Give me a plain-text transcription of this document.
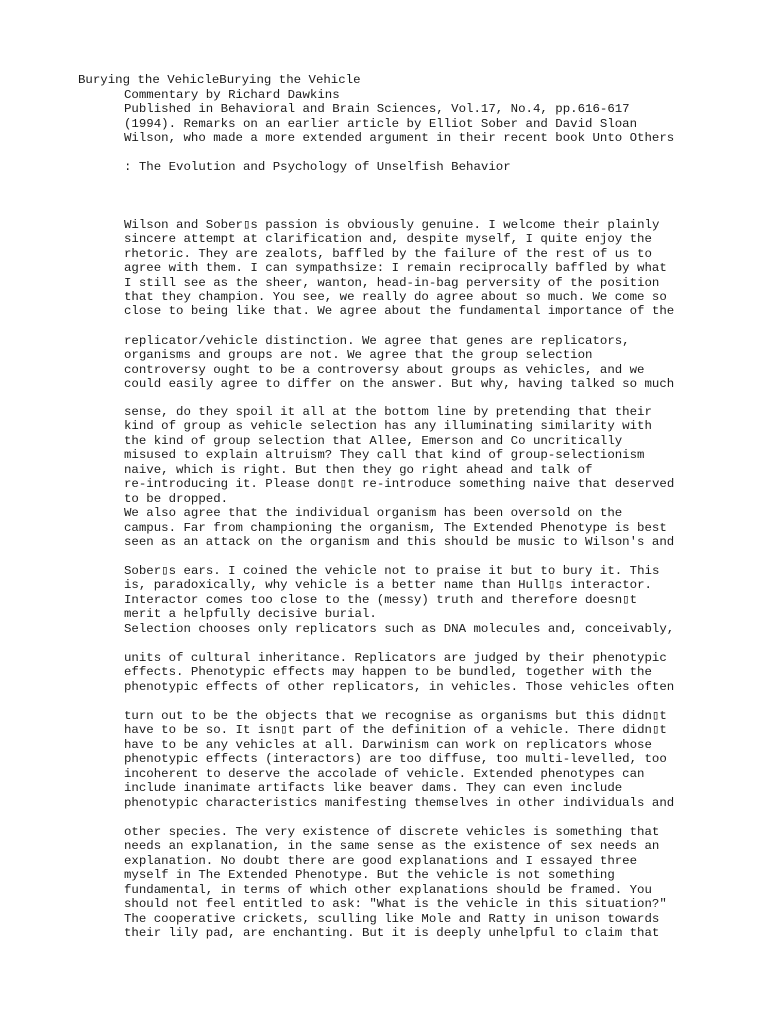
Burying the VehicleBurying the Vehicle
Commentary by Richard Dawkins
Published in Behavioral and Brain Sciences, Vol.17, No.4, pp.616-617
(1994). Remarks on an earlier article by Elliot Sober and David Sloan
Wilson, who made a more extended argument in their recent book Unto Others
: The Evolution and Psychology of Unselfish Behavior
Wilson and Sober▯s passion is obviously genuine. I welcome their plainly
sincere attempt at clarification and, despite myself, I quite enjoy the
rhetoric. They are zealots, baffled by the failure of the rest of us to
agree with them. I can sympathsize: I remain reciprocally baffled by what
I still see as the sheer, wanton, head-in-bag perversity of the position
that they champion. You see, we really do agree about so much. We come so
close to being like that. We agree about the fundamental importance of the
replicator/vehicle distinction. We agree that genes are replicators,
organisms and groups are not. We agree that the group selection
controversy ought to be a controversy about groups as vehicles, and we
could easily agree to differ on the answer. But why, having talked so much
sense, do they spoil it all at the bottom line by pretending that their
kind of group as vehicle selection has any illuminating similarity with
the kind of group selection that Allee, Emerson and Co uncritically
misused to explain altruism? They call that kind of group-selectionism
naive, which is right. But then they go right ahead and talk of
re-introducing it. Please don▯t re-introduce something naive that deserved
to be dropped.
We also agree that the individual organism has been oversold on the
campus. Far from championing the organism, The Extended Phenotype is best
seen as an attack on the organism and this should be music to Wilson's and
Sober▯s ears. I coined the vehicle not to praise it but to bury it. This
is, paradoxically, why vehicle is a better name than Hull▯s interactor.
Interactor comes too close to the (messy) truth and therefore doesn▯t
merit a helpfully decisive burial.
Selection chooses only replicators such as DNA molecules and, conceivably,
units of cultural inheritance. Replicators are judged by their phenotypic
effects. Phenotypic effects may happen to be bundled, together with the
phenotypic effects of other replicators, in vehicles. Those vehicles often
turn out to be the objects that we recognise as organisms but this didn▯t
have to be so. It isn▯t part of the definition of a vehicle. There didn▯t
have to be any vehicles at all. Darwinism can work on replicators whose
phenotypic effects (interactors) are too diffuse, too multi-levelled, too
incoherent to deserve the accolade of vehicle. Extended phenotypes can
include inanimate artifacts like beaver dams. They can even include
phenotypic characteristics manifesting themselves in other individuals and
other species. The very existence of discrete vehicles is something that
needs an explanation, in the same sense as the existence of sex needs an
explanation. No doubt there are good explanations and I essayed three
myself in The Extended Phenotype. But the vehicle is not something
fundamental, in terms of which other explanations should be framed. You
should not feel entitled to ask: "What is the vehicle in this situation?"
The cooperative crickets, sculling like Mole and Ratty in unison towards
their lily pad, are enchanting. But it is deeply unhelpful to claim that
